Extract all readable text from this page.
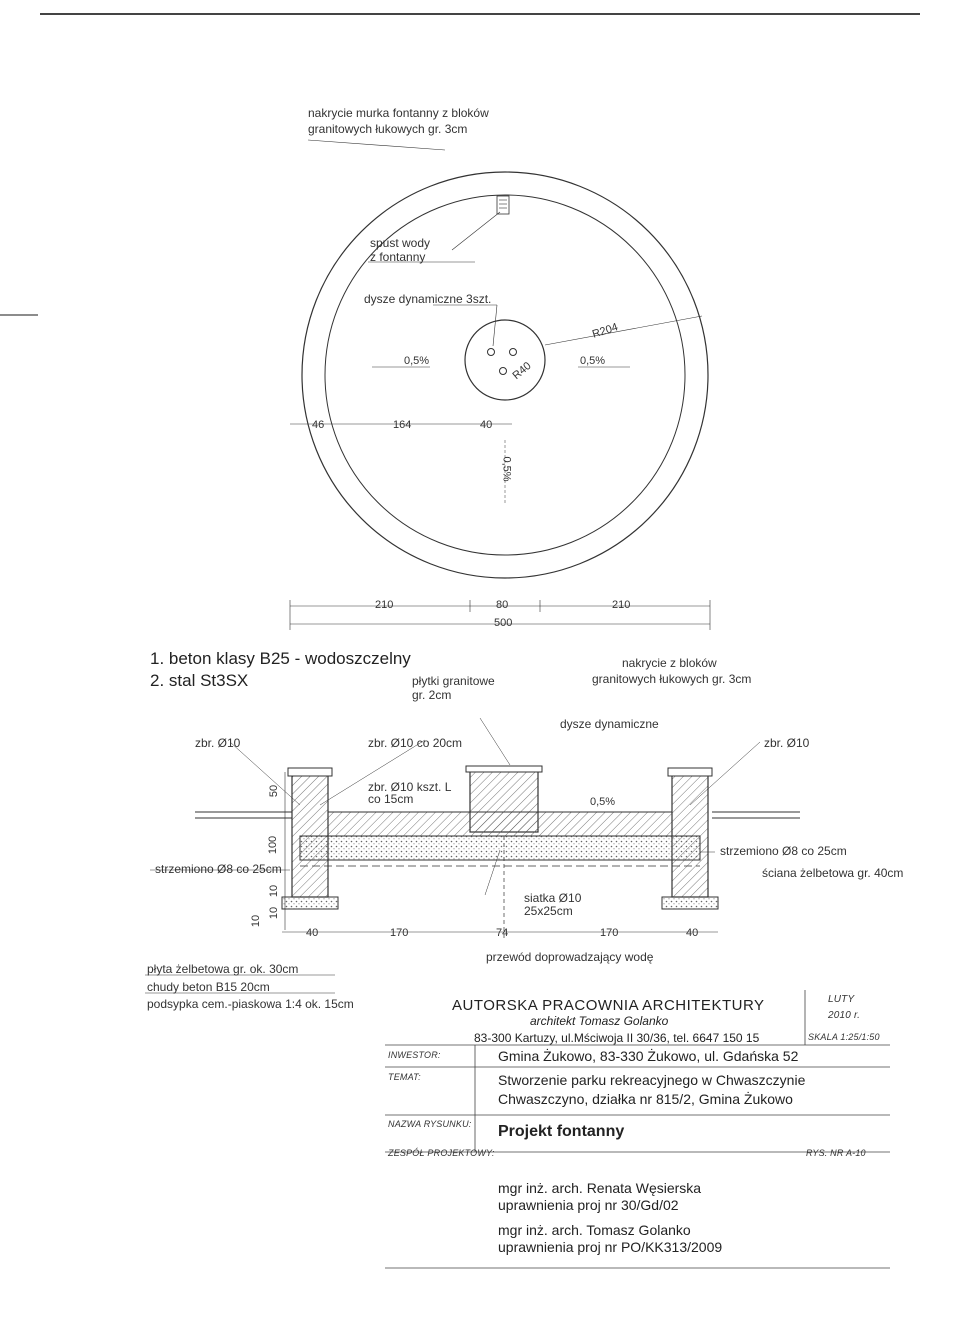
nakrycie murka fontanny z bloków
granitowych łukowych gr. 3cm
spust wody
z fontanny
dysze dynamiczne 3szt.
R204
R40
0,5%	0,5%
0,5%
46	164	40
210	80	210
500
1. beton klasy B25 - wodoszczelny
2. stal St3SX	płytki granitowe
gr. 2cm
nakrycie z bloków
granitowych łukowych gr. 3cm
dysze dynamiczne
zbr. Ø10	zbr. Ø10 co 20cm	zbr. Ø10
zbr. Ø10 kszt. L
co 15cm	0,5%
strzemiono Ø8 co 25cm
strzemiono Ø8 co 25cm
ściana żelbetowa gr. 40cm
siatka Ø10
25x25cm
przewód doprowadzający wodę
płyta żelbetowa gr. ok. 30cm
chudy beton B15 20cm
podsypka cem.-piaskowa 1:4 ok. 15cm
50
100
10
10
10
40	170	74	170	40
AUTORSKA PRACOWNIA ARCHITEKTURY
architekt Tomasz Golanko
83-300 Kartuzy, ul.Mściwoja II 30/36, tel. 6647 150 15
LUTY
2010 r.
SKALA 1:25/1:50
INWESTOR:	Gmina Żukowo, 83-330 Żukowo, ul. Gdańska 52
TEMAT:	Stworzenie parku rekreacyjnego w Chwaszczynie
Chwaszczyno, działka nr 815/2, Gmina Żukowo
NAZWA RYSUNKU: Projekt fontanny
ZESPÓŁ PROJEKTOWY:	RYS. NR A-10
mgr inż. arch. Renata Węsierska
uprawnienia proj nr 30/Gd/02
mgr inż. arch. Tomasz Golanko
uprawnienia proj nr PO/KK313/2009
